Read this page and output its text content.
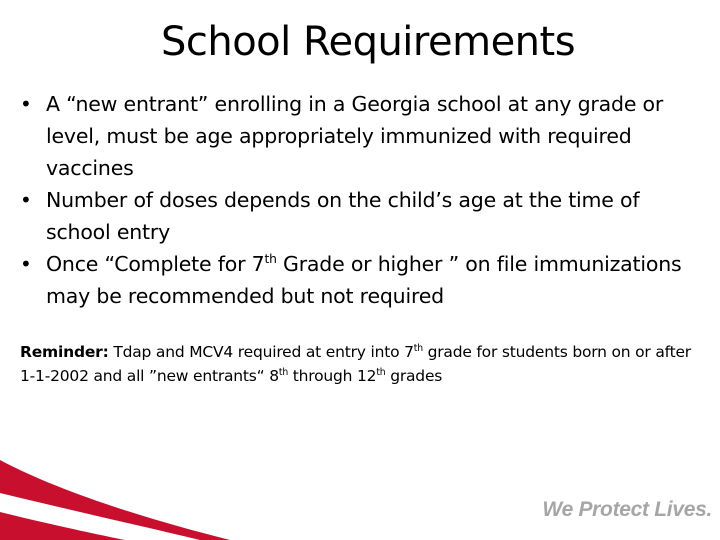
School Requirements
• A “new entrant” enrolling in a Georgia school at any grade or level, must be age appropriately immunized with required vaccines
• Number of doses depends on the child’s age at the time of school entry
• Once “Complete for 7th Grade or higher ” on file immunizations may be recommended but not required
Reminder: Tdap and MCV4 required at entry into 7th grade for students born on or after 1-1-2002 and all ”new entrants“ 8th through 12th grades
We Protect Lives.
